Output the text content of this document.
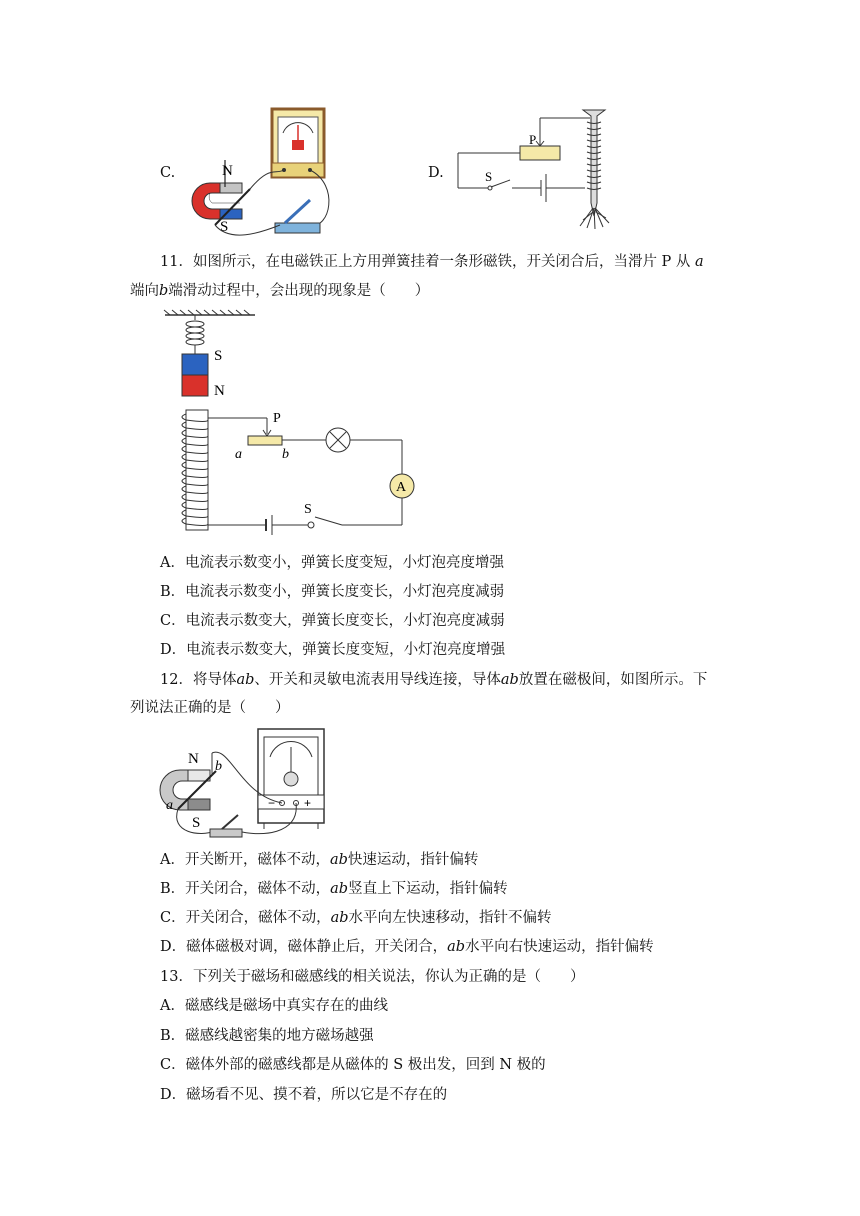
C.	N
S
D.
P
S
11．如图所示，在电磁铁正上方用弹簧挂着一条形磁铁，开关闭合后，当滑片 P 从 a
端向b端滑动过程中，会出现的现象是（　　）
S
N
P
a	b
A
S
A．电流表示数变小，弹簧长度变短，小灯泡亮度增强
B．电流表示数变小，弹簧长度变长，小灯泡亮度减弱
C．电流表示数变大，弹簧长度变长，小灯泡亮度减弱
D．电流表示数变大，弹簧长度变短，小灯泡亮度增强
12．将导体ab、开关和灵敏电流表用导线连接，导体ab放置在磁极间，如图所示。下
列说法正确的是（　　）
N
S
b
a	− +
A．开关断开，磁体不动，ab快速运动，指针偏转
B．开关闭合，磁体不动，ab竖直上下运动，指针偏转
C．开关闭合，磁体不动，ab水平向左快速移动，指针不偏转
D．磁体磁极对调，磁体静止后，开关闭合，ab水平向右快速运动，指针偏转
13．下列关于磁场和磁感线的相关说法，你认为正确的是（　　）
A．磁感线是磁场中真实存在的曲线
B．磁感线越密集的地方磁场越强
C．磁体外部的磁感线都是从磁体的 S 极出发，回到 N 极的
D．磁场看不见、摸不着，所以它是不存在的
